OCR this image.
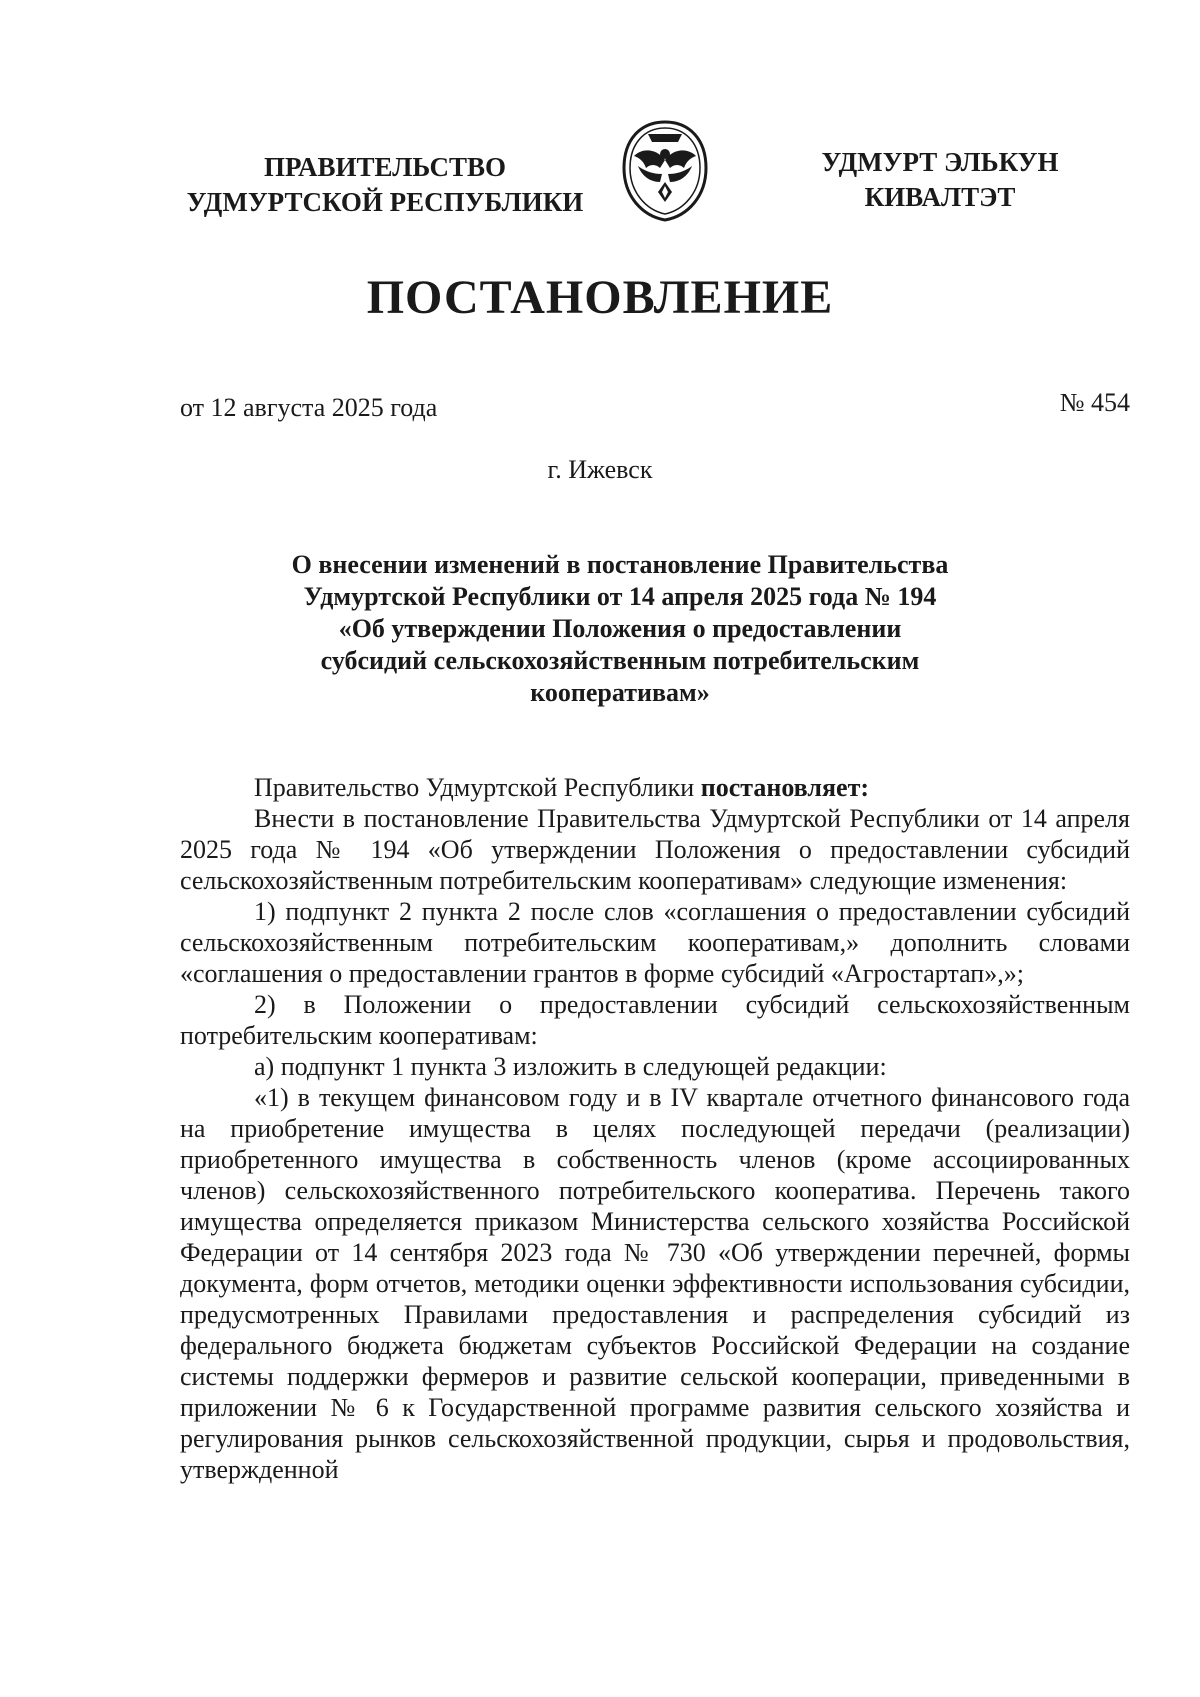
ПРАВИТЕЛЬСТВО
УДМУРТСКОЙ РЕСПУБЛИКИ
УДМУРТ ЭЛЬКУН
КИВАЛТЭТ
ПОСТАНОВЛЕНИЕ
от 12 августа 2025 года	№ 454
г. Ижевск
О внесении изменений в постановление Правительства
Удмуртской Республики от 14 апреля 2025 года № 194
«Об утверждении Положения о предоставлении
субсидий сельскохозяйственным потребительским
кооперативам»

Правительство Удмуртской Республики постановляет:

Внести в постановление Правительства Удмуртской Республики от 14 апреля 2025 года № 194 «Об утверждении Положения о предоставлении субсидий сельскохозяйственным потребительским кооперативам» следующие изменения:

1) подпункт 2 пункта 2 после слов «соглашения о предоставлении субсидий сельскохозяйственным потребительским кооперативам,» дополнить словами «соглашения о предоставлении грантов в форме субсидий «Агростартап»,»;

2) в Положении о предоставлении субсидий сельскохозяйственным потребительским кооперативам:

а) подпункт 1 пункта 3 изложить в следующей редакции:

«1) в текущем финансовом году и в IV квартале отчетного финансового года на приобретение имущества в целях последующей передачи (реализации) приобретенного имущества в собственность членов (кроме ассоциированных членов) сельскохозяйственного потребительского кооператива. Перечень такого имущества определяется приказом Министерства сельского хозяйства Российской Федерации от 14 сентября 2023 года № 730 «Об утверждении перечней, формы документа, форм отчетов, методики оценки эффективности использования субсидии, предусмотренных Правилами предоставления и распределения субсидий из федерального бюджета бюджетам субъектов Российской Федерации на создание системы поддержки фермеров и развитие сельской кооперации, приведенными в приложении № 6 к Государственной программе развития сельского хозяйства и регулирования рынков сельскохозяйственной продукции, сырья и продовольствия, утвержденной
